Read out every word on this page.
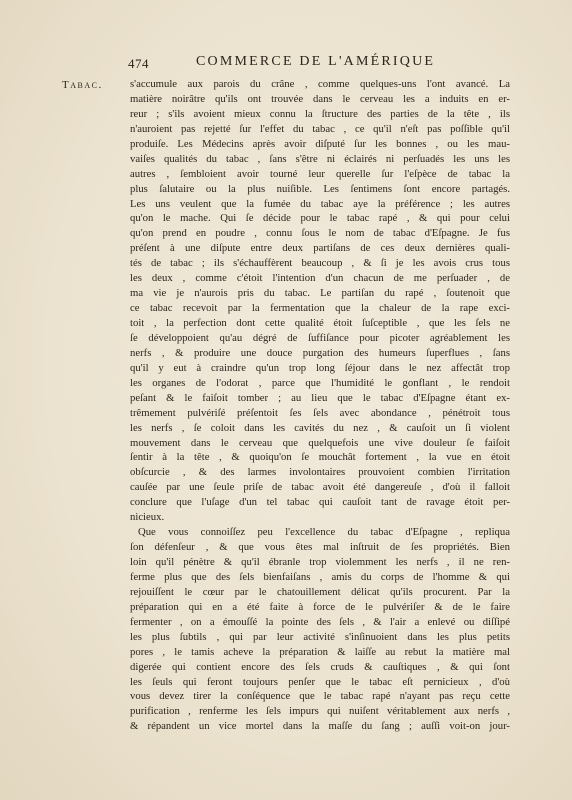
474	COMMERCE DE L'AMÉRIQUE
Tabac.	s'accumule aux parois du crâne , comme quelques-uns l'ont avancé. La
matière noirâtre qu'ils ont trouvée dans le cerveau les a induits en er-
reur ; s'ils avoient mieux connu la ſtructure des parties de la tête , ils
n'auroient pas rejetté ſur l'effet du tabac , ce qu'il n'eſt pas poſſible qu'il
produiſe. Les Médecins après avoir diſputé ſur les bonnes , ou les mau-
vaiſes qualités du tabac , ſans s'être ni éclairés ni perſuadés les uns les
autres , ſembloient avoir tourné leur querelle ſur l'eſpèce de tabac la
plus ſalutaire ou la plus nuiſible. Les ſentimens ſont encore partagés.
Les uns veulent que la fumée du tabac aye la préférence ; les autres
qu'on le mache. Qui ſe décide pour le tabac rapé , & qui pour celui
qu'on prend en poudre , connu ſous le nom de tabac d'Eſpagne. Je fus
préſent à une diſpute entre deux partiſans de ces deux dernières quali-
tés de tabac ; ils s'échauffèrent beaucoup , & ſi je les avois crus tous
les deux , comme c'étoit l'intention d'un chacun de me perſuader , de
ma vie je n'aurois pris du tabac. Le partiſan du rapé , ſoutenoit que
ce tabac recevoit par la fermentation que la chaleur de la rape exci-
toit , la perfection dont cette qualité étoit ſuſceptible , que les ſels ne
ſe développoient qu'au dégré de ſuffiſance pour picoter agréablement les
nerfs , & produire une douce purgation des humeurs ſuperflues , ſans
qu'il y eut à craindre qu'un trop long ſéjour dans le nez affectât trop
les organes de l'odorat , parce que l'humidité le gonflant , le rendoit
peſant & le faiſoit tomber ; au lieu que le tabac d'Eſpagne étant ex-
trêmement pulvériſé préſentoit ſes ſels avec abondance , pénétroit tous
les nerfs , ſe coloit dans les cavités du nez , & cauſoit un ſi violent
mouvement dans le cerveau que quelquefois une vive douleur ſe faiſoit
ſentir à la tête , & quoiqu'on ſe mouchât fortement , la vue en étoit
obſcurcie , & des larmes involontaires prouvoient combien l'irritation
cauſée par une ſeule priſe de tabac avoit été dangereuſe , d'où il falloit
conclure que l'uſage d'un tel tabac qui cauſoit tant de ravage étoit per-
nicieux.
Que vous connoiſſez peu l'excellence du tabac d'Eſpagne , repliqua
ſon défenſeur , & que vous êtes mal inſtruit de ſes propriétés. Bien
loin qu'il pénètre & qu'il ébranle trop violemment les nerfs , il ne ren-
ferme plus que des ſels bienfaiſans , amis du corps de l'homme & qui
rejouiſſent le cœur par le chatouillement délicat qu'ils procurent. Par la
préparation qui en a été faite à force de le pulvériſer & de le faire
fermenter , on a émouſſé la pointe des ſels , & l'air a enlevé ou diſſipé
les plus ſubtils , qui par leur activité s'inſinuoient dans les plus petits
pores , le tamis acheve la préparation & laiſſe au rebut la matière mal
digerée qui contient encore des ſels cruds & cauſtiques , & qui ſont
les ſeuls qui feront toujours penſer que le tabac eſt pernicieux , d'où
vous devez tirer la conſéquence que le tabac rapé n'ayant pas reçu cette
purification , renferme les ſels impurs qui nuiſent véritablement aux nerfs ,
& répandent un vice mortel dans la maſſe du ſang ; auſſi voit-on jour-
